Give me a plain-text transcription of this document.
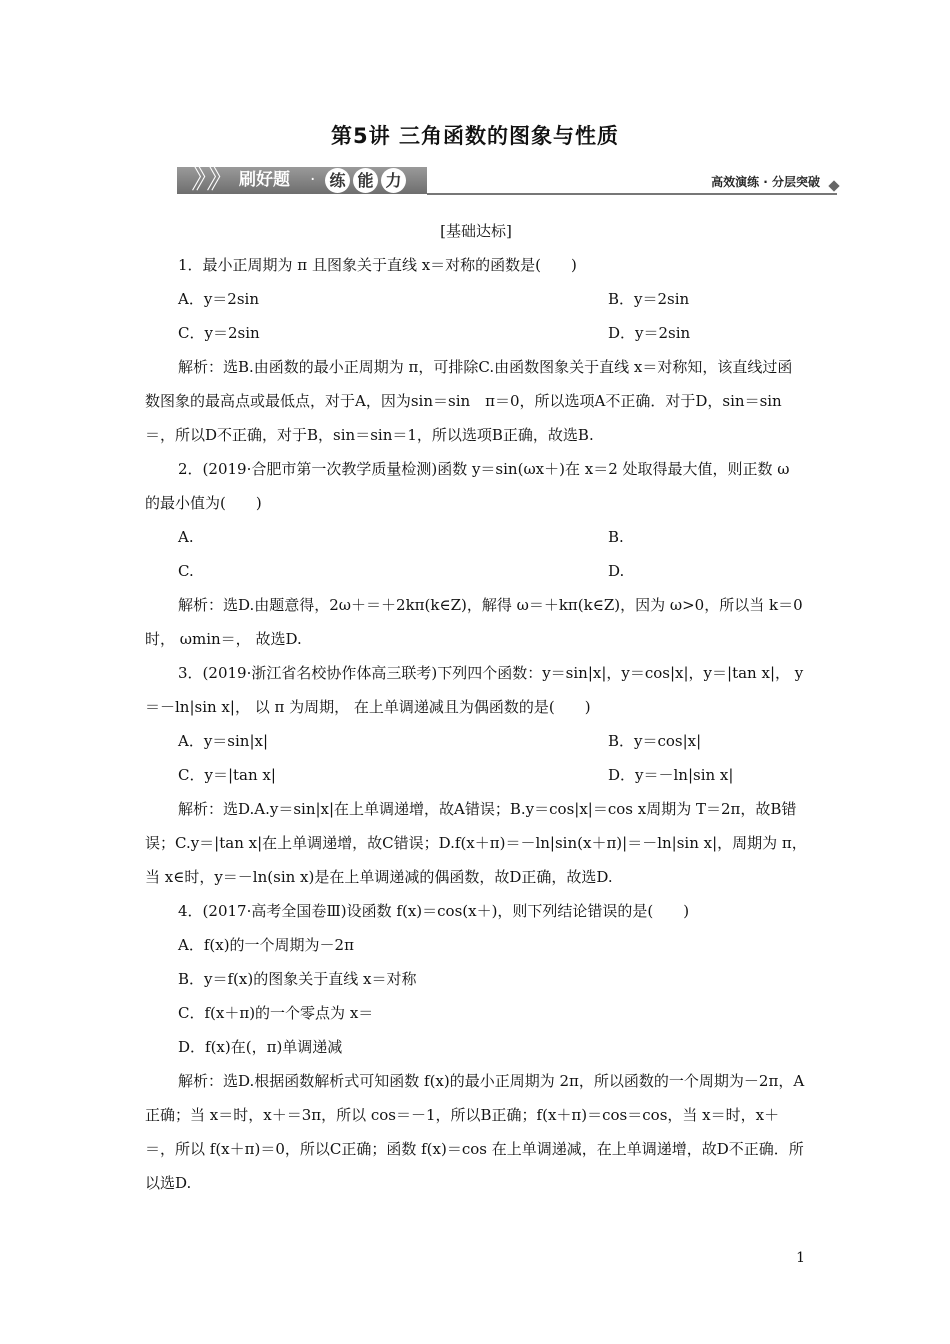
第5讲 三角函数的图象与性质
》》 刷好题 · 练 能 力	高效演练 · 分层突破

[基础达标]

1．最小正周期为 π 且图象关于直线 x＝对称的函数是(　　)

A．y＝2sin	B．y＝2sin
C．y＝2sin	D．y＝2sin

解析：选B.由函数的最小正周期为 π，可排除C.由函数图象关于直线 x＝对称知，该直线过函数图象的最高点或最低点，对于A，因为sin＝sin　π＝0，所以选项A不正确．对于D，sin＝sin＝，所以D不正确，对于B，sin＝sin＝1，所以选项B正确，故选B.

2．(2019·合肥市第一次教学质量检测)函数 y＝sin(ωx＋)在 x＝2 处取得最大值，则正数 ω 的最小值为(　　)

A.	B.
C.	D.

解析：选D.由题意得，2ω＋＝＋2kπ(k∈Z)，解得 ω＝＋kπ(k∈Z)，因为 ω>0，所以当 k＝0 时， ωmin＝， 故选D.

3．(2019·浙江省名校协作体高三联考)下列四个函数：y＝sin|x|，y＝cos|x|，y＝|tan x|， y＝－ln|sin x|， 以 π 为周期， 在上单调递减且为偶函数的是(　　)

A．y＝sin|x|	B．y＝cos|x|
C．y＝|tan x|	D．y＝－ln|sin x|

解析：选D.A.y＝sin|x|在上单调递增，故A错误；B.y＝cos|x|＝cos x周期为 T＝2π，故B错误；C.y＝|tan x|在上单调递增，故C错误；D.f(x＋π)＝－ln|sin(x＋π)|＝－ln|sin x|，周期为 π，当 x∈时，y＝－ln(sin x)是在上单调递减的偶函数，故D正确，故选D.

4．(2017·高考全国卷Ⅲ)设函数 f(x)＝cos(x＋)，则下列结论错误的是(　　)

A．f(x)的一个周期为－2π

B．y＝f(x)的图象关于直线 x＝对称

C．f(x＋π)的一个零点为 x＝

D．f(x)在(，π)单调递减

解析：选D.根据函数解析式可知函数 f(x)的最小正周期为 2π，所以函数的一个周期为－2π，A正确；当 x＝时，x＋＝3π，所以 cos＝－1，所以B正确；f(x＋π)＝cos＝cos，当 x＝时，x＋＝，所以 f(x＋π)＝0，所以C正确；函数 f(x)＝cos 在上单调递减，在上单调递增，故D不正确．所以选D.

1
